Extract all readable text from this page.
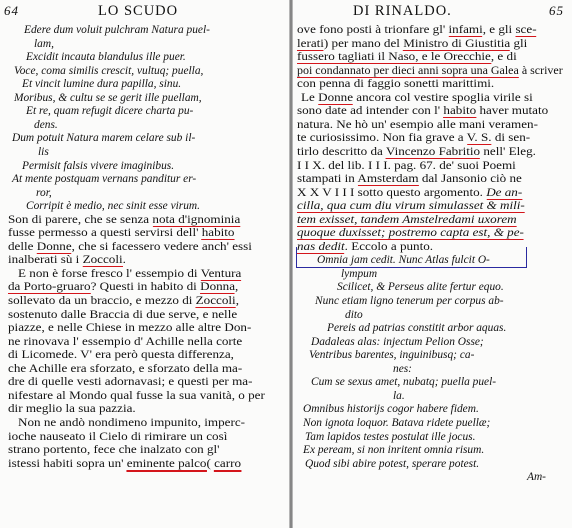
64	LO SCUDO
Edere dum voluit pulchram Natura puel-
lam,
Excidit incauta blandulus ille puer.
Voce, coma similis crescit, vultuq; puella,
Et vincit lumine dura papilla, sinu.
Moribus, & cultu se se gerit ille puellam,
Et re, quam refugit dicere charta pu-
dens.
Dum potuit Natura marem celare sub il-
lis
Permisit falsis vivere imaginibus.
At mente postquam vernans panditur er-
ror,
Corripit è medio, nec sinit esse virum.
Son di parere, che se senza nota d'ignominia
fusse permesso a questi servirsi dell' habito
delle Donne, che si facessero vedere anch' essi
inalberati sù i Zoccoli.
E non è forse fresco l' essempio di Ventura
da Porto-gruaro? Questi in habito di Donna,
sollevato da un braccio, e mezzo di Zoccoli,
sostenuto dalle Braccia di due serve, e nelle
piazze, e nelle Chiese in mezzo alle altre Don-
ne rinovava l' essempio d' Achille nella corte
di Licomede. V' era però questa differenza,
che Achille era sforzato, e sforzato della ma-
dre di quelle vesti adornavasi; e questi per ma-
nifestare al Mondo qual fusse la sua vanità, o per
dir meglio la sua pazzia.
Non ne andò nondimeno impunito, imperc-
ioche nauseato il Cielo di rimirare un così
strano portento, fece che inalzato con gl'
istessi habiti sopra un' eminente palco( carro
DI RINALDO.	65
ove fono posti à trionfare gl' infami, e gli sce-
lerati) per mano del Ministro di Giustitia gli
fussero tagliati il Naso, e le Orecchie, e di
poi condannato per dieci anni sopra una Galea à scriver
con penna di faggio sonetti marittimi.
Le Donne ancora col vestire spoglia virile si
sono date ad intender con l' habito haver mutato
natura. Ne hò un' esempio alle mani veramen-
te curiosissimo. Non fia grave a V. S. di sen-
tirlo descritto da Vincenzo Fabritio nell' Eleg.
I I X. del lib. I I I. pag. 67. de' suoi Poemi
stampati in Amsterdam dal Jansonio ciò ne
X X V I I I sotto questo argomento. De an-
cilla, qua cum diu virum simulasset & mili-
tem exisset, tandem Amstelredami uxorem
quoque duxisset; postremo capta est, & pe-
nas dedit. Eccolo a punto.
Omnia jam cedit. Nunc Atlas fulcit O-
lympum
Scilicet, & Perseus alite fertur equo.
Nunc etiam ligno tenerum per corpus ab-
dito
Pereis ad patrias constitit arbor aquas.
Dadaleas alas: injectum Pelion Osse;
Ventribus barentes, inguinibusq; ca-
nes:
Cum se sexus amet, nubatq; puella puel-
la.
Omnibus historijs cogor habere fidem.
Non ignota loquor. Batava ridete puellæ;
Tam lapidos testes postulat ille jocus.
Ex peream, si non inritent omnia risum.
Quod sibi abire potest, sperare potest.
Am-
